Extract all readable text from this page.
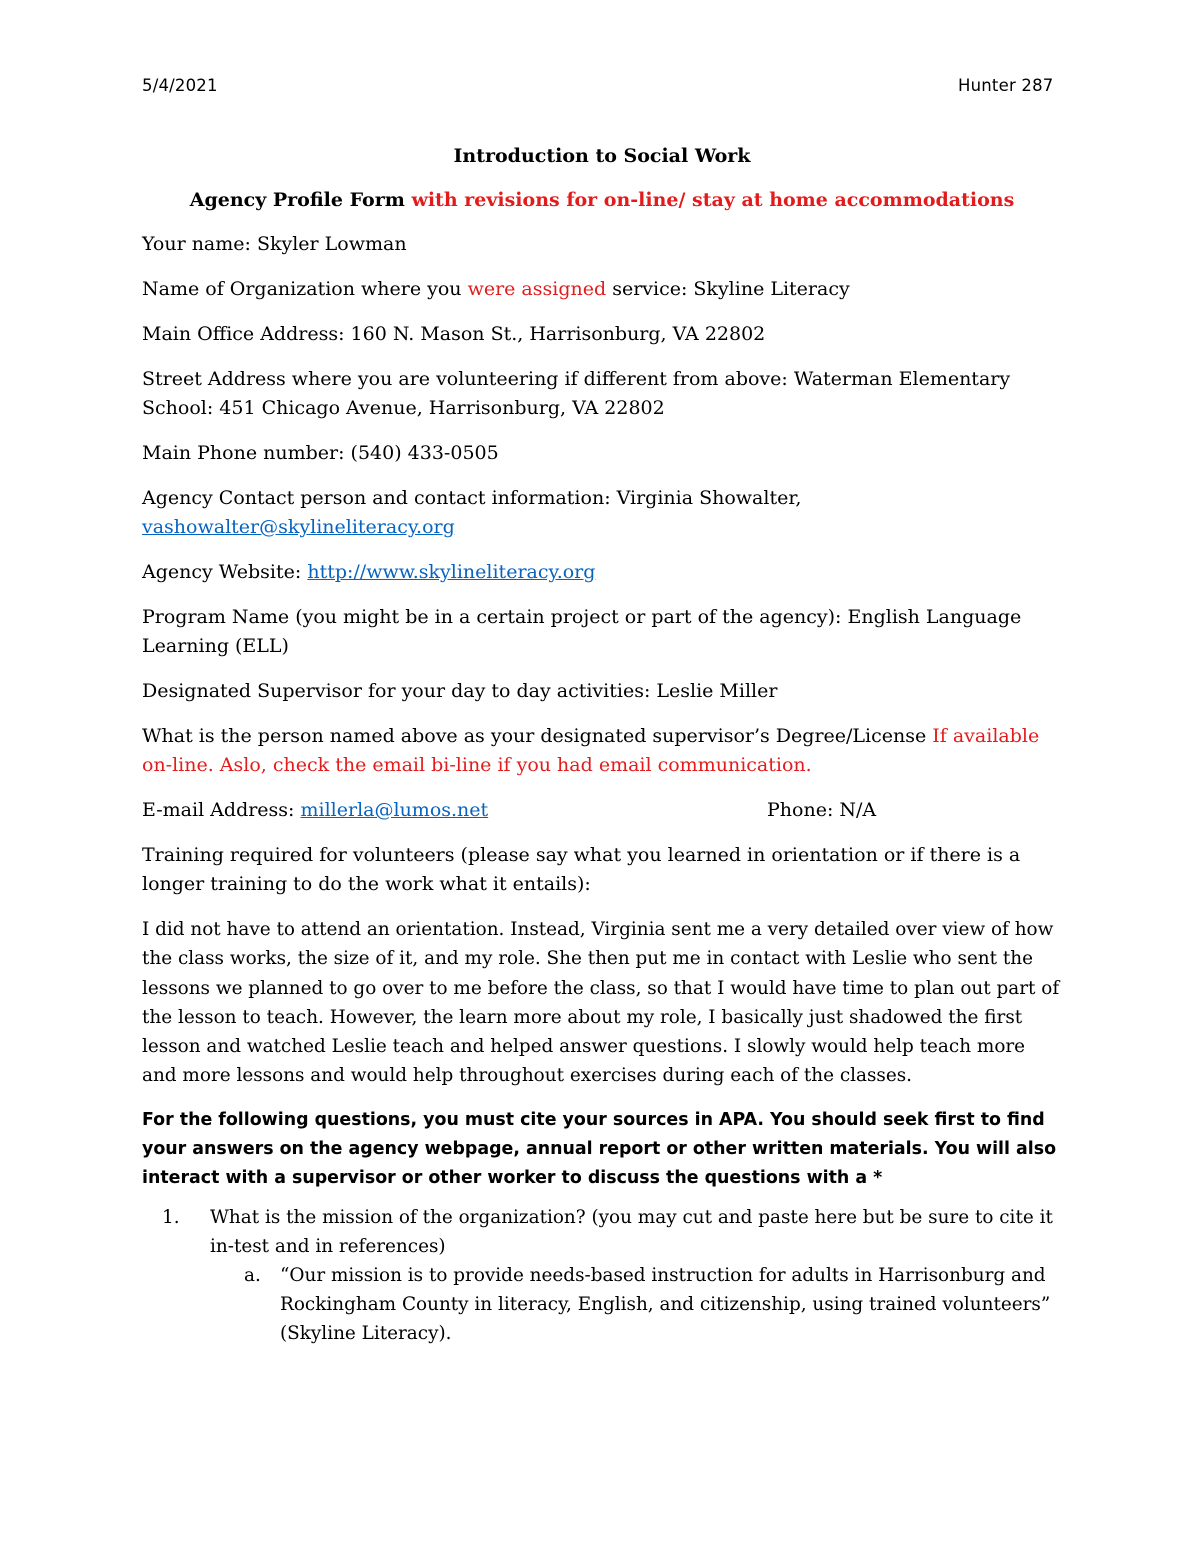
5/4/2021	Hunter 287
Introduction to Social Work
Agency Profile Form with revisions for on-line/ stay at home accommodations
Your name: Skyler Lowman
Name of Organization where you were assigned service: Skyline Literacy
Main Office Address: 160 N. Mason St., Harrisonburg, VA 22802
Street Address where you are volunteering if different from above: Waterman Elementary School: 451 Chicago Avenue, Harrisonburg, VA 22802
Main Phone number: (540) 433-0505
Agency Contact person and contact information: Virginia Showalter,
vashowalter@skylineliteracy.org
Agency Website: http://www.skylineliteracy.org
Program Name (you might be in a certain project or part of the agency): English Language Learning (ELL)
Designated Supervisor for your day to day activities: Leslie Miller
What is the person named above as your designated supervisor’s Degree/License If available on-line. Aslo, check the email bi-line if you had email communication.
E-mail Address: millerla@lumos.net	Phone: N/A
Training required for volunteers (please say what you learned in orientation or if there is a longer training to do the work what it entails):
I did not have to attend an orientation. Instead, Virginia sent me a very detailed over view of how the class works, the size of it, and my role. She then put me in contact with Leslie who sent the lessons we planned to go over to me before the class, so that I would have time to plan out part of the lesson to teach. However, the learn more about my role, I basically just shadowed the first lesson and watched Leslie teach and helped answer questions. I slowly would help teach more and more lessons and would help throughout exercises during each of the classes.
For the following questions, you must cite your sources in APA. You should seek first to find your answers on the agency webpage, annual report or other written materials. You will also interact with a supervisor or other worker to discuss the questions with a *
1. What is the mission of the organization? (you may cut and paste here but be sure to cite it in-test and in references)
a. “Our mission is to provide needs-based instruction for adults in Harrisonburg and Rockingham County in literacy, English, and citizenship, using trained volunteers” (Skyline Literacy).
